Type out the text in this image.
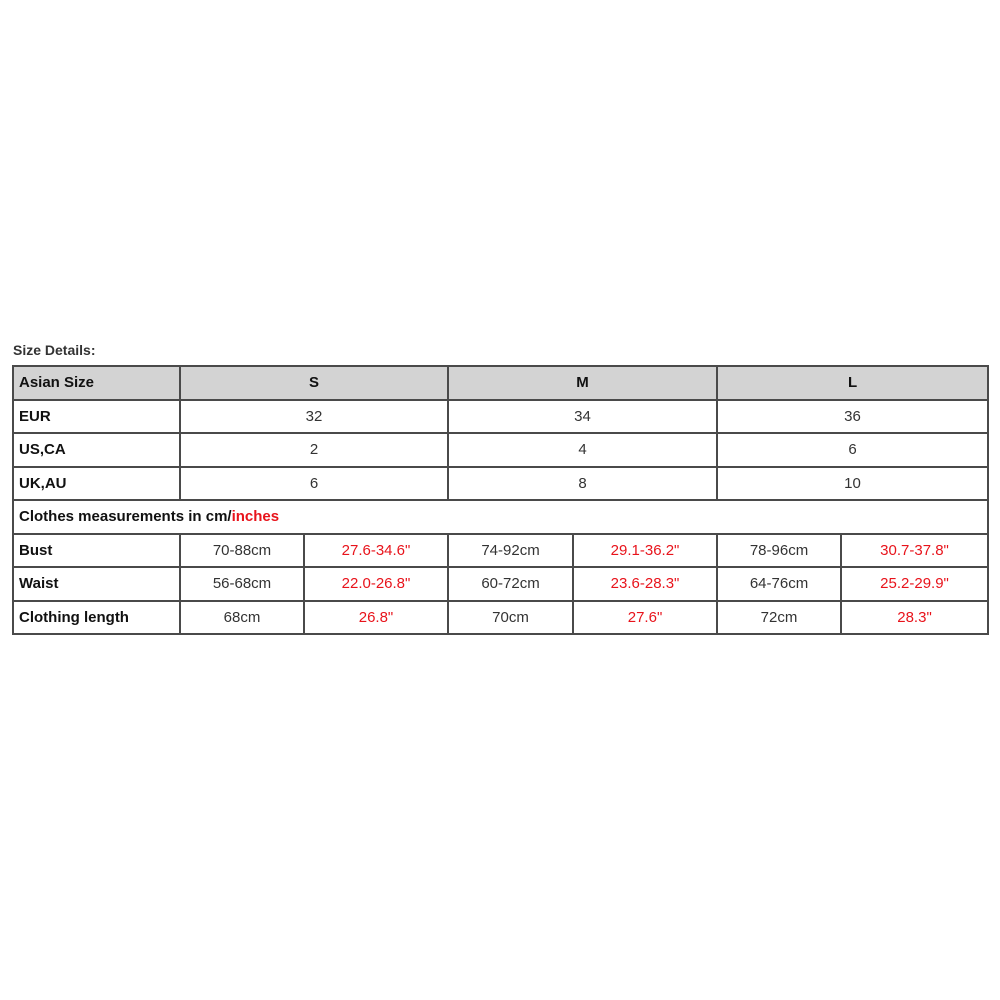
Size Details:
Asian Size	S		M		L	
EUR	32		34		36	
US,CA	2		4		6	
UK,AU	6		8		10	
Clothes measurements in cm/inches						
Bust	70-88cm	27.6-34.6"	74-92cm	29.1-36.2"	78-96cm	30.7-37.8"
Waist	56-68cm	22.0-26.8"	60-72cm	23.6-28.3"	64-76cm	25.2-29.9"
Clothing length	68cm	26.8"	70cm	27.6"	72cm	28.3"
